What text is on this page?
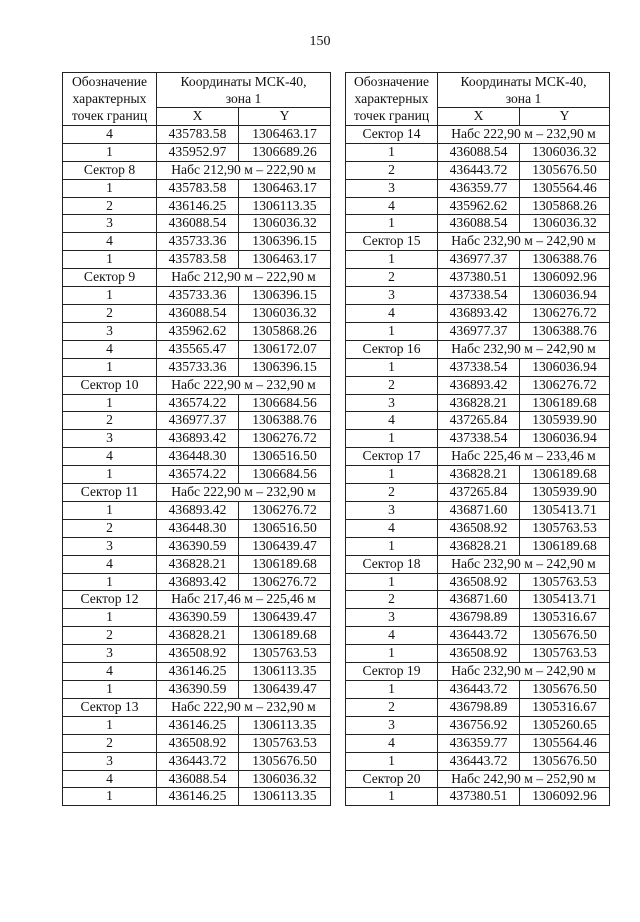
150
Обозначение
характерных
точек границ	Координаты МСК-40,
зона 1	

	X	Y
4	435783.58	1306463.17
1	435952.97	1306689.26
Сектор 8	Набс 212,90 м – 222,90 м	
1	435783.58	1306463.17
2	436146.25	1306113.35
3	436088.54	1306036.32
4	435733.36	1306396.15
1	435783.58	1306463.17
Сектор 9	Набс 212,90 м – 222,90 м	
1	435733.36	1306396.15
2	436088.54	1306036.32
3	435962.62	1305868.26
4	435565.47	1306172.07
1	435733.36	1306396.15
Сектор 10	Набс 222,90 м – 232,90 м	
1	436574.22	1306684.56
2	436977.37	1306388.76
3	436893.42	1306276.72
4	436448.30	1306516.50
1	436574.22	1306684.56
Сектор 11	Набс 222,90 м – 232,90 м	
1	436893.42	1306276.72
2	436448.30	1306516.50
3	436390.59	1306439.47
4	436828.21	1306189.68
1	436893.42	1306276.72
Сектор 12	Набс 217,46 м – 225,46 м	
1	436390.59	1306439.47
2	436828.21	1306189.68
3	436508.92	1305763.53
4	436146.25	1306113.35
1	436390.59	1306439.47
Сектор 13	Набс 222,90 м – 232,90 м	
1	436146.25	1306113.35
2	436508.92	1305763.53
3	436443.72	1305676.50
4	436088.54	1306036.32
1	436146.25	1306113.35
Обозначение
характерных
точек границ	Координаты МСК-40,
зона 1	

	X	Y
Сектор 14	Набс 222,90 м – 232,90 м	
1	436088.54	1306036.32
2	436443.72	1305676.50
3	436359.77	1305564.46
4	435962.62	1305868.26
1	436088.54	1306036.32
Сектор 15	Набс 232,90 м – 242,90 м	
1	436977.37	1306388.76
2	437380.51	1306092.96
3	437338.54	1306036.94
4	436893.42	1306276.72
1	436977.37	1306388.76
Сектор 16	Набс 232,90 м – 242,90 м	
1	437338.54	1306036.94
2	436893.42	1306276.72
3	436828.21	1306189.68
4	437265.84	1305939.90
1	437338.54	1306036.94
Сектор 17	Набс 225,46 м – 233,46 м	
1	436828.21	1306189.68
2	437265.84	1305939.90
3	436871.60	1305413.71
4	436508.92	1305763.53
1	436828.21	1306189.68
Сектор 18	Набс 232,90 м – 242,90 м	
1	436508.92	1305763.53
2	436871.60	1305413.71
3	436798.89	1305316.67
4	436443.72	1305676.50
1	436508.92	1305763.53
Сектор 19	Набс 232,90 м – 242,90 м	
1	436443.72	1305676.50
2	436798.89	1305316.67
3	436756.92	1305260.65
4	436359.77	1305564.46
1	436443.72	1305676.50
Сектор 20	Набс 242,90 м – 252,90 м	
1	437380.51	1306092.96
